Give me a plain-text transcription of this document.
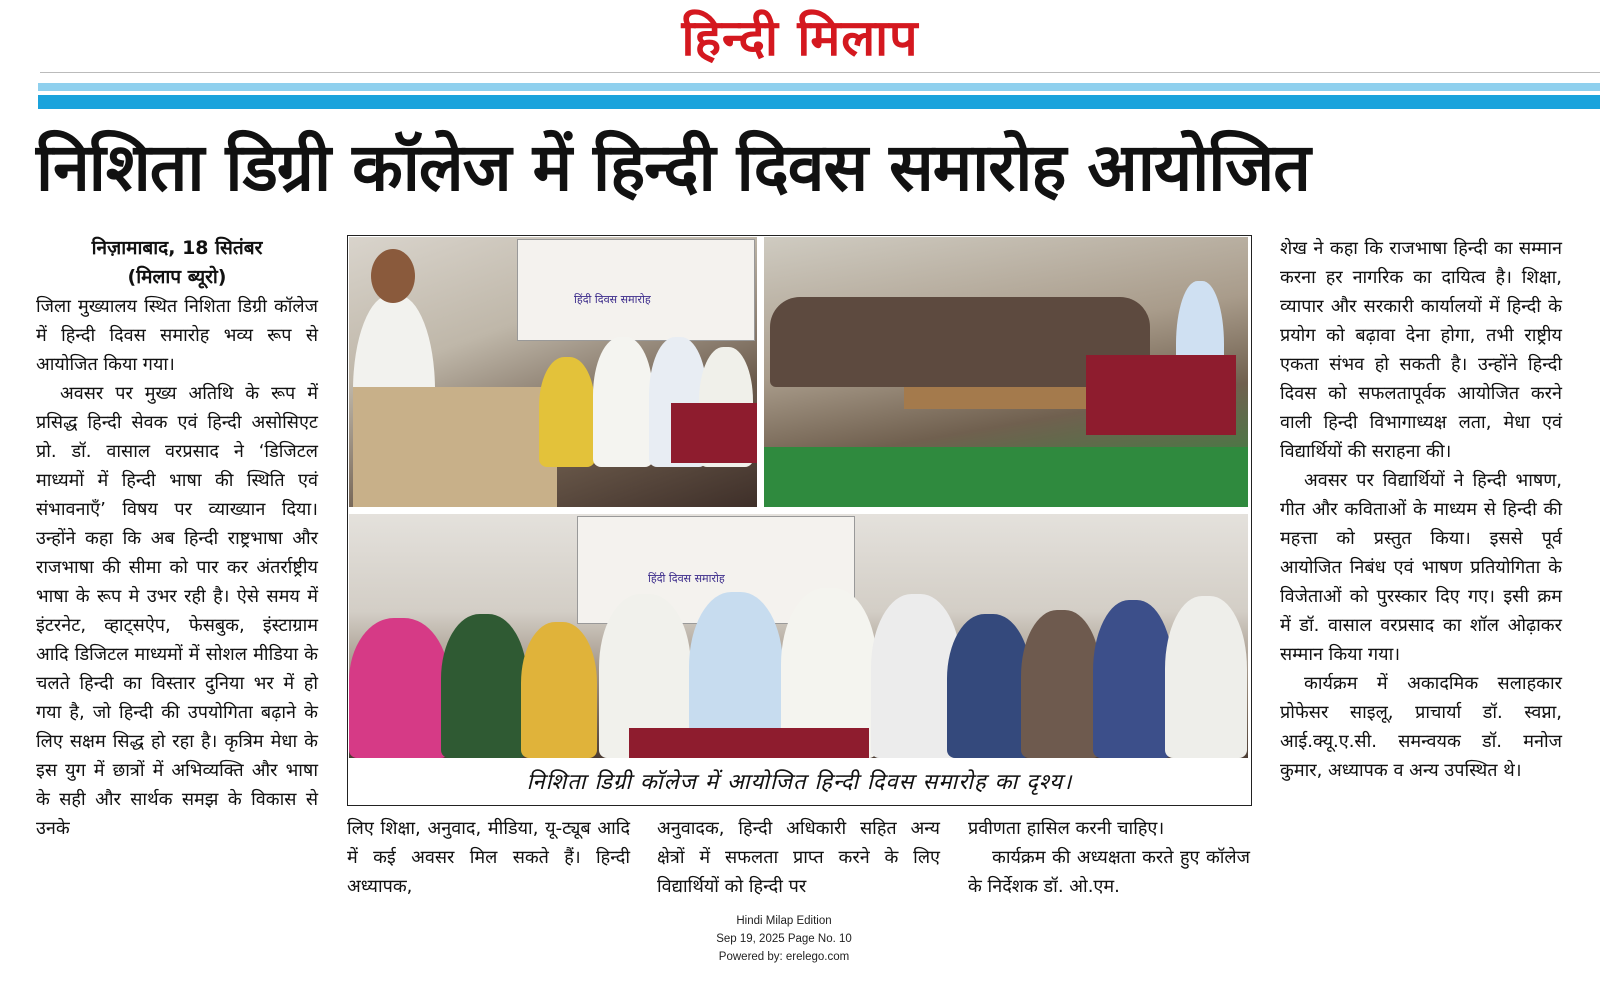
हिन्दी मिलाप
निशिता डिग्री कॉलेज में हिन्दी दिवस समारोह आयोजित
निज़ामाबाद, 18 सितंबर
(मिलाप ब्यूरो)

जिला मुख्यालय स्थित निशिता डिग्री कॉलेज में हिन्दी दिवस समारोह भव्य रूप से आयोजित किया गया।

अवसर पर मुख्य अतिथि के रूप में प्रसिद्ध हिन्दी सेवक एवं हिन्दी असोसिएट प्रो. डॉ. वासाल वरप्रसाद ने ‘डिजिटल माध्यमों में हिन्दी भाषा की स्थिति एवं संभावनाएँ’ विषय पर व्याख्यान दिया। उन्होंने कहा कि अब हिन्दी राष्ट्रभाषा और राजभाषा की सीमा को पार कर अंतर्राष्ट्रीय भाषा के रूप मे उभर रही है। ऐसे समय में इंटरनेट, व्हाट्सऐप, फेसबुक, इंस्टाग्राम आदि डिजिटल माध्यमों में सोशल मीडिया के चलते हिन्दी का विस्तार दुनिया भर में हो गया है, जो हिन्दी की उपयोगिता बढ़ाने के लिए सक्षम सिद्ध हो रहा है। कृत्रिम मेधा के इस युग में छात्रों में अभिव्यक्ति और भाषा के सही और सार्थक समझ के विकास से उनके

हिंदी दिवस समारोह
हिंदी दिवस समारोह
निशिता डिग्री कॉलेज में आयोजित हिन्दी दिवस समारोह का दृश्य।

लिए शिक्षा, अनुवाद, मीडिया, यू-ट्यूब आदि में कई अवसर मिल सकते हैं। हिन्दी अध्यापक,

अनुवादक, हिन्दी अधिकारी सहित अन्य क्षेत्रों में सफलता प्राप्त करने के लिए विद्यार्थियों को हिन्दी पर

प्रवीणता हासिल करनी चाहिए।

कार्यक्रम की अध्यक्षता करते हुए कॉलेज के निर्देशक डॉ. ओ.एम.

शेख ने कहा कि राजभाषा हिन्दी का सम्मान करना हर नागरिक का दायित्व है। शिक्षा, व्यापार और सरकारी कार्यालयों में हिन्दी के प्रयोग को बढ़ावा देना होगा, तभी राष्ट्रीय एकता संभव हो सकती है। उन्होंने हिन्दी दिवस को सफलतापूर्वक आयोजित करने वाली हिन्दी विभागाध्यक्ष लता, मेधा एवं विद्यार्थियों की सराहना की।

अवसर पर विद्यार्थियों ने हिन्दी भाषण, गीत और कविताओं के माध्यम से हिन्दी की महत्ता को प्रस्तुत किया। इससे पूर्व आयोजित निबंध एवं भाषण प्रतियोगिता के विजेताओं को पुरस्कार दिए गए। इसी क्रम में डॉ. वासाल वरप्रसाद का शॉल ओढ़ाकर सम्मान किया गया।

कार्यक्रम में अकादमिक सलाहकार प्रोफेसर साइलू, प्राचार्या डॉ. स्वप्ना, आई.क्यू.ए.सी. समन्वयक डॉ. मनोज कुमार, अध्यापक व अन्य उपस्थित थे।

Hindi Milap Edition
Sep 19, 2025 Page No. 10
Powered by: erelego.com
